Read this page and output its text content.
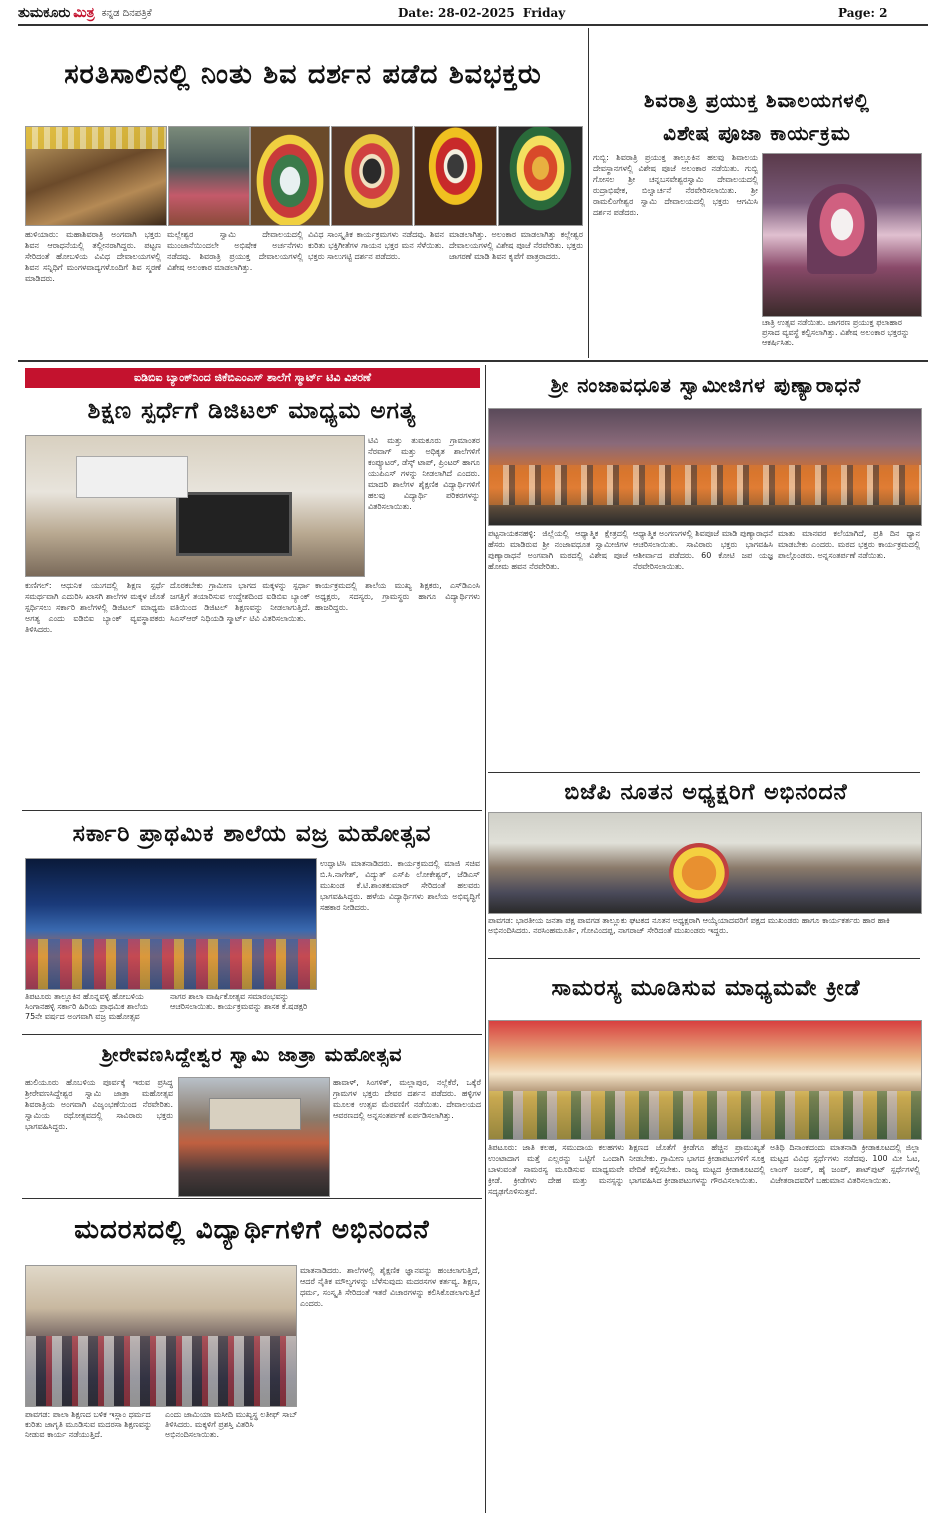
ತುಮಕೂರು ಮಿತ್ರ ಕನ್ನಡ ದಿನಪತ್ರಿಕೆ	Date: 28-02-2025 Friday	Page: 2
ಸರತಿಸಾಲಿನಲ್ಲಿ ನಿಂತು ಶಿವ ದರ್ಶನ ಪಡೆದ ಶಿವಭಕ್ತರು
ಹುಳಿಯಾರು: ಮಹಾಶಿವರಾತ್ರಿ ಅಂಗವಾಗಿ ಭಕ್ತರು ಶಿವನ ಆರಾಧನೆಯಲ್ಲಿ ತಲ್ಲೀನರಾಗಿದ್ದರು. ಪಟ್ಟಣ ಸೇರಿದಂತೆ ಹೋಬಳಿಯ ವಿವಿಧ ದೇವಾಲಯಗಳಲ್ಲಿ ಶಿವನ ಸನ್ನಿಧಿಗೆ ಮಂಗಳವಾದ್ಯಗಳೊಂದಿಗೆ ಶಿವ ಸ್ಮರಣೆ ಮಾಡಿದರು.
ಮಲ್ಲೇಶ್ವರ ಸ್ವಾಮಿ ದೇವಾಲಯದಲ್ಲಿ ಮುಂಜಾನೆಯಿಂದಲೇ ಅಭಿಷೇಕ ಅರ್ಚನೆಗಳು ನಡೆದವು. ಶಿವರಾತ್ರಿ ಪ್ರಯುಕ್ತ ದೇವಾಲಯಗಳಲ್ಲಿ ವಿಶೇಷ ಅಲಂಕಾರ ಮಾಡಲಾಗಿತ್ತು.
ವಿವಿಧ ಸಾಂಸ್ಕೃತಿಕ ಕಾರ್ಯಕ್ರಮಗಳು ನಡೆದವು. ಶಿವನ ಕುರಿತು ಭಕ್ತಿಗೀತೆಗಳ ಗಾಯನ ಭಕ್ತರ ಮನ ಸೆಳೆಯಿತು. ಭಕ್ತರು ಸಾಲುಗಟ್ಟಿ ದರ್ಶನ ಪಡೆದರು.
ಮಾಡಲಾಗಿತ್ತು. ಅಲಂಕಾರ ಮಾಡಲಾಗಿತ್ತು ಕಲ್ಲೇಶ್ವರ ದೇವಾಲಯಗಳಲ್ಲಿ ವಿಶೇಷ ಪೂಜೆ ನೆರವೇರಿತು. ಭಕ್ತರು ಜಾಗರಣೆ ಮಾಡಿ ಶಿವನ ಕೃಪೆಗೆ ಪಾತ್ರರಾದರು.
ಶಿವರಾತ್ರಿ ಪ್ರಯುಕ್ತ ಶಿವಾಲಯಗಳಲ್ಲಿ
ವಿಶೇಷ ಪೂಜಾ ಕಾರ್ಯಕ್ರಮ
ಗುಬ್ಬಿ: ಶಿವರಾತ್ರಿ ಪ್ರಯುಕ್ತ ತಾಲ್ಲೂಕಿನ ಹಲವು ಶಿವಾಲಯ ದೇವಸ್ಥಾನಗಳಲ್ಲಿ ವಿಶೇಷ ಪೂಜೆ ಅಲಂಕಾರ ನಡೆಯಿತು. ಗುಬ್ಬಿ ಗೋಸಲ ಶ್ರೀ ಚನ್ನಬಸವೇಶ್ವರಸ್ವಾಮಿ ದೇವಾಲಯದಲ್ಲಿ ರುದ್ರಾಭಿಷೇಕ, ಬಿಲ್ವಾರ್ಚನೆ ನೆರವೇರಿಸಲಾಯಿತು. ಶ್ರೀ ರಾಮಲಿಂಗೇಶ್ವರ ಸ್ವಾಮಿ ದೇವಾಲಯದಲ್ಲಿ ಭಕ್ತರು ಆಗಮಿಸಿ ದರ್ಶನ ಪಡೆದರು.
ಚಾತ್ರಿ ಉತ್ಸವ ನಡೆಯಿತು. ಜಾಗರಣ ಪ್ರಯುಕ್ತ ಫಲಾಹಾರ ಪ್ರಸಾದ ವ್ಯವಸ್ಥೆ ಕಲ್ಪಿಸಲಾಗಿತ್ತು. ವಿಶೇಷ ಅಲಂಕಾರ ಭಕ್ತರನ್ನು ಆಕರ್ಷಿಸಿತು.
ಐಡಿಬಿಐ ಬ್ಯಾಂಕ್‌ನಿಂದ ಜಿಕೆಬಿಎಂಎಸ್ ಶಾಲೆಗೆ ಸ್ಮಾರ್ಟ್ ಟಿವಿ ವಿತರಣೆ
ಶಿಕ್ಷಣ ಸ್ಪರ್ಧೆಗೆ ಡಿಜಿಟಲ್ ಮಾಧ್ಯಮ ಅಗತ್ಯ
ಟಿವಿ ಮತ್ತು ತುಮಕೂರು ಗ್ರಾಮಾಂತರ ನೆರವಾಗ್ ಮತ್ತು ಅಧಿಕೃತ ಶಾಲೆಗಳಿಗೆ ಕಂಪ್ಯೂಟರ್, ಡೆಸ್ಕ್ ಟಾಪ್, ಪ್ರಿಂಟರ್ ಹಾಗೂ ಯುಪಿಎಸ್ ಗಳನ್ನು ನೀಡಲಾಗಿದೆ ಎಂದರು. ಮಾದರಿ ಶಾಲೆಗಳ ಶೈಕ್ಷಣಿಕ ವಿದ್ಯಾರ್ಥಿಗಳಿಗೆ ಹಲವು ವಿದ್ಯಾರ್ಥಿ ಪರಿಕರಗಳನ್ನು ವಿತರಿಸಲಾಯಿತು.
ಕುಣಿಗಲ್: ಆಧುನಿಕ ಯುಗದಲ್ಲಿ ಶಿಕ್ಷಣ ಸ್ಪರ್ಧೆ ಸಮರ್ಥವಾಗಿ ಎದುರಿಸಿ ಖಾಸಗಿ ಶಾಲೆಗಳ ಮಕ್ಕಳ ಜೊತೆ ಸ್ಪರ್ಧಿಸಲು ಸರ್ಕಾರಿ ಶಾಲೆಗಳಲ್ಲಿ ಡಿಜಿಟಲ್ ಮಾಧ್ಯಮ ಅಗತ್ಯ ಎಂದು ಐಡಿಬಿಐ ಬ್ಯಾಂಕ್ ವ್ಯವಸ್ಥಾಪಕರು ತಿಳಿಸಿದರು.
ದೊರಕಬೇಕು ಗ್ರಾಮೀಣ ಭಾಗದ ಮಕ್ಕಳನ್ನು ಸ್ಪರ್ಧಾ ಜಗತ್ತಿಗೆ ತಯಾರಿಸುವ ಉದ್ದೇಶದಿಂದ ಐಡಿಬಿಐ ಬ್ಯಾಂಕ್ ವತಿಯಿಂದ ಡಿಜಿಟಲ್ ಶಿಕ್ಷಣವನ್ನು ನೀಡಲಾಗುತ್ತಿದೆ. ಸಿಎಸ್‌ಆರ್ ನಿಧಿಯಡಿ ಸ್ಮಾರ್ಟ್ ಟಿವಿ ವಿತರಿಸಲಾಯಿತು.
ಕಾರ್ಯಕ್ರಮದಲ್ಲಿ ಶಾಲೆಯ ಮುಖ್ಯ ಶಿಕ್ಷಕರು, ಎಸ್‌ಡಿಎಂಸಿ ಅಧ್ಯಕ್ಷರು, ಸದಸ್ಯರು, ಗ್ರಾಮಸ್ಥರು ಹಾಗೂ ವಿದ್ಯಾರ್ಥಿಗಳು ಹಾಜರಿದ್ದರು.
ಸರ್ಕಾರಿ ಪ್ರಾಥಮಿಕ ಶಾಲೆಯ ವಜ್ರ ಮಹೋತ್ಸವ
ಉದ್ಘಾಟಿಸಿ ಮಾತನಾಡಿದರು. ಕಾರ್ಯಕ್ರಮದಲ್ಲಿ ಮಾಜಿ ಸಚಿವ ಬಿ.ಸಿ.ನಾಗೇಶ್, ವಿದ್ಯುತ್ ಎಸ್‌ಪಿ ಲೋಕೇಶ್ವರ್, ಜೆಡಿಎಸ್ ಮುಖಂಡ ಕೆ.ಟಿ.ಶಾಂತಕುಮಾರ್ ಸೇರಿದಂತೆ ಹಲವರು ಭಾಗವಹಿಸಿದ್ದರು. ಹಳೆಯ ವಿದ್ಯಾರ್ಥಿಗಳು ಶಾಲೆಯ ಅಭಿವೃದ್ಧಿಗೆ ಸಹಕಾರ ನೀಡಿದರು.
ತಿಪಟೂರು ತಾಲ್ಲೂಕಿನ ಹೊನ್ನವಳ್ಳಿ ಹೋಬಳಿಯ ಸಿಂಗಾನಹಳ್ಳಿ ಸರ್ಕಾರಿ ಹಿರಿಯ ಪ್ರಾಥಮಿಕ ಶಾಲೆಯ 75ನೇ ವರ್ಷದ ಅಂಗವಾಗಿ ವಜ್ರ ಮಹೋತ್ಸವ
ನಾಗರ ಶಾಲಾ ವಾರ್ಷಿಕೋತ್ಸವ ಸಮಾರಂಭವನ್ನು ಆಚರಿಸಲಾಯಿತು. ಕಾರ್ಯಕ್ರಮವನ್ನು ಶಾಸಕ ಕೆ.ಷಡಕ್ಷರಿ
ಶ್ರೀರೇವಣಸಿದ್ದೇಶ್ವರ ಸ್ವಾಮಿ ಜಾತ್ರಾ ಮಹೋತ್ಸವ
ಹುಲಿಯೂರು ಹೊಬಳಿಯ ಪೂರ್ವಕ್ಕೆ ಇರುವ ಪ್ರಸಿದ್ಧ ಶ್ರೀರೇವಣಸಿದ್ದೇಶ್ವರ ಸ್ವಾಮಿ ಜಾತ್ರಾ ಮಹೋತ್ಸವ ಶಿವರಾತ್ರಿಯ ಅಂಗವಾಗಿ ವಿಜೃಂಭಣೆಯಿಂದ ನೆರವೇರಿತು. ಸ್ವಾಮಿಯ ರಥೋತ್ಸವದಲ್ಲಿ ಸಾವಿರಾರು ಭಕ್ತರು ಭಾಗವಹಿಸಿದ್ದರು.
ಹಾವಾಳ್, ಸಿಂಗಳಿಕ್, ಮಲ್ಲಾಪುರ, ನಲ್ಲೆಕೆರೆ, ಒಕ್ಕೆರೆ ಗ್ರಾಮಗಳ ಭಕ್ತರು ದೇವರ ದರ್ಶನ ಪಡೆದರು. ಹಳ್ಳಿಗಳ ಮೂಲಕ ಉತ್ಸವ ಮೆರವಣಿಗೆ ನಡೆಯಿತು. ದೇವಾಲಯದ ಆವರಣದಲ್ಲಿ ಅನ್ನಸಂತರ್ಪಣೆ ಏರ್ಪಡಿಸಲಾಗಿತ್ತು.
ಮದರಸದಲ್ಲಿ ವಿದ್ಯಾರ್ಥಿಗಳಿಗೆ ಅಭಿನಂದನೆ
ಮಾತನಾಡಿದರು. ಶಾಲೆಗಳಲ್ಲಿ ಶೈಕ್ಷಣಿಕ ಜ್ಞಾನವನ್ನು ಹಂಚಲಾಗುತ್ತಿದೆ, ಆದರೆ ನೈತಿಕ ಮೌಲ್ಯಗಳನ್ನು ಬೆಳೆಸುವುದು ಮದರಸಗಳ ಕರ್ತವ್ಯ. ಶಿಕ್ಷಣ, ಧರ್ಮ, ಸಂಸ್ಕೃತಿ ಸೇರಿದಂತೆ ಇತರೆ ವಿಚಾರಗಳನ್ನು ಕಲಿಸಿಕೊಡಲಾಗುತ್ತಿದೆ ಎಂದರು.
ಪಾವಗಡ: ಪಾಲಾ ಶಿಕ್ಷಣದ ಬಳಿಕ ಇಸ್ಲಾಂ ಧರ್ಮದ ಕುರಿತು ಜಾಗೃತಿ ಮೂಡಿಸುವ ಮದರಸಾ ಶಿಕ್ಷಣವನ್ನು ನೀಡುವ ಕಾರ್ಯ ನಡೆಯುತ್ತಿದೆ.
ಎಂದು ಜಾಮಿಯಾ ಮಸೀದಿ ಮುಖ್ಯಸ್ಥ ಲತೀಫ್ ಸಾಬ್ ತಿಳಿಸಿದರು. ಮಕ್ಕಳಿಗೆ ಪ್ರಶಸ್ತಿ ವಿತರಿಸಿ ಅಭಿನಂದಿಸಲಾಯಿತು.
ಶ್ರೀ ನಂಜಾವಧೂತ ಸ್ವಾಮೀಜಿಗಳ ಪುಣ್ಯಾರಾಧನೆ
ಪಟ್ಟನಾಯಕನಹಳ್ಳಿ: ಜಿಲ್ಲೆಯಲ್ಲಿ ಆಧ್ಯಾತ್ಮಿಕ ಕ್ಷೇತ್ರದಲ್ಲಿ ಹೆಸರು ಮಾಡಿರುವ ಶ್ರೀ ನಂಜಾವಧೂತ ಸ್ವಾಮೀಜಿಗಳ ಪುಣ್ಯಾರಾಧನೆ ಅಂಗವಾಗಿ ಮಠದಲ್ಲಿ ವಿಶೇಷ ಪೂಜೆ ಹೋಮ ಹವನ ನೆರವೇರಿತು.
ಆಧ್ಯಾತ್ಮಿಕ ಅಂಗಣಗಳಲ್ಲಿ ಶಿವಪೂಜೆ ಮಾಡಿ ಪುಣ್ಯಾರಾಧನೆ ಆಚರಿಸಲಾಯಿತು. ಸಾವಿರಾರು ಭಕ್ತರು ಭಾಗವಹಿಸಿ ಆಶೀರ್ವಾದ ಪಡೆದರು. 60 ಕೋಟಿ ಜಪ ಯಜ್ಞ ನೆರವೇರಿಸಲಾಯಿತು.
ಮಾತು ಮಾನವರ ಕಲೆಯಾಗಿದೆ, ಪ್ರತಿ ದಿನ ಧ್ಯಾನ ಮಾಡಬೇಕು ಎಂದರು. ಮಠದ ಭಕ್ತರು ಕಾರ್ಯಕ್ರಮದಲ್ಲಿ ಪಾಲ್ಗೊಂಡರು. ಅನ್ನಸಂತರ್ಪಣೆ ನಡೆಯಿತು.
ಬಿಜೆಪಿ ನೂತನ ಅಧ್ಯಕ್ಷರಿಗೆ ಅಭಿನಂದನೆ
ಪಾವಗಡ: ಭಾರತೀಯ ಜನತಾ ಪಕ್ಷ ಪಾವಗಡ ತಾಲ್ಲೂಕು ಘಟಕದ ನೂತನ ಅಧ್ಯಕ್ಷರಾಗಿ ಆಯ್ಕೆಯಾದವರಿಗೆ ಪಕ್ಷದ ಮುಖಂಡರು ಹಾಗೂ ಕಾರ್ಯಕರ್ತರು ಹಾರ ಹಾಕಿ ಅಭಿನಂದಿಸಿದರು. ನರಸಿಂಹಮೂರ್ತಿ, ಗೋವಿಂದಪ್ಪ, ನಾಗರಾಜ್ ಸೇರಿದಂತೆ ಮುಖಂಡರು ಇದ್ದರು.
ಸಾಮರಸ್ಯ ಮೂಡಿಸುವ ಮಾಧ್ಯಮವೇ ಕ್ರೀಡೆ
ತಿಪಟೂರು: ಜಾತಿ ಕಲಹ, ಸಮುದಾಯ ಕಲಹಗಳು ಉಂಟಾದಾಗ ಮತ್ತೆ ಎಲ್ಲರನ್ನು ಒಟ್ಟಿಗೆ ಒಂದಾಗಿ ಬಾಳುವಂತೆ ಸಾಮರಸ್ಯ ಮೂಡಿಸುವ ಮಾಧ್ಯಮವೇ ಕ್ರೀಡೆ. ಕ್ರೀಡೆಗಳು ದೇಹ ಮತ್ತು ಮನಸ್ಸನ್ನು ಸದೃಢಗೊಳಿಸುತ್ತವೆ.
ಶಿಕ್ಷಣದ ಜೊತೆಗೆ ಕ್ರೀಡೆಗೂ ಹೆಚ್ಚಿನ ಪ್ರಾಮುಖ್ಯತೆ ನೀಡಬೇಕು. ಗ್ರಾಮೀಣ ಭಾಗದ ಕ್ರೀಡಾಪಟುಗಳಿಗೆ ಸೂಕ್ತ ವೇದಿಕೆ ಕಲ್ಪಿಸಬೇಕು. ರಾಜ್ಯ ಮಟ್ಟದ ಕ್ರೀಡಾಕೂಟದಲ್ಲಿ ಭಾಗವಹಿಸಿದ ಕ್ರೀಡಾಪಟುಗಳನ್ನು ಗೌರವಿಸಲಾಯಿತು.
ಅತಿಥಿ ದಿನಾಂಕದಂದು ಮಾತನಾಡಿ ಕ್ರೀಡಾಕೂಟದಲ್ಲಿ ಜಿಲ್ಲಾ ಮಟ್ಟದ ವಿವಿಧ ಸ್ಪರ್ಧೆಗಳು ನಡೆದವು. 100 ಮೀ ಓಟ, ಲಾಂಗ್ ಜಂಪ್, ಹೈ ಜಂಪ್, ಶಾಟ್‌ಪುಟ್ ಸ್ಪರ್ಧೆಗಳಲ್ಲಿ ವಿಜೇತರಾದವರಿಗೆ ಬಹುಮಾನ ವಿತರಿಸಲಾಯಿತು.
